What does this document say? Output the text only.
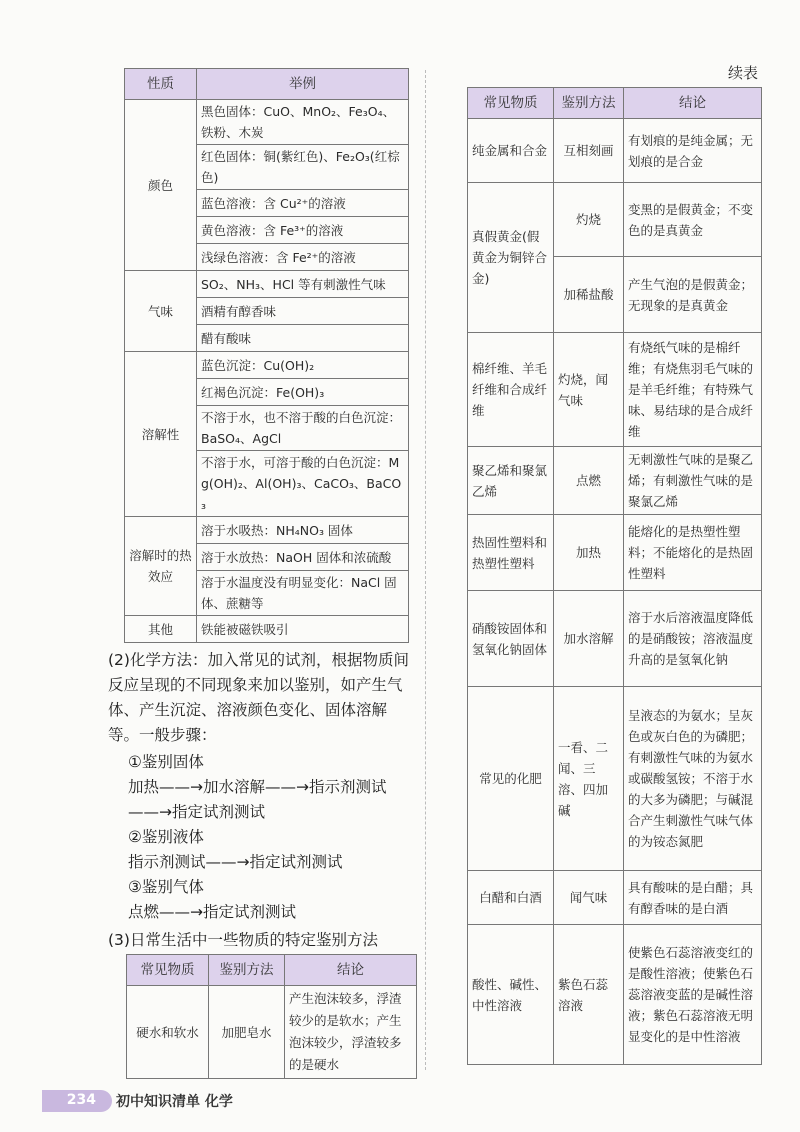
续表
性质	举例
颜色	黑色固体：CuO、MnO₂、Fe₃O₄、铁粉、木炭
	红色固体：铜(紫红色)、Fe₂O₃(红棕色)
	蓝色溶液：含 Cu²⁺的溶液
	黄色溶液：含 Fe³⁺的溶液
	浅绿色溶液：含 Fe²⁺的溶液
气味	SO₂、NH₃、HCl 等有刺激性气味
	酒精有醇香味
	醋有酸味
溶解性	蓝色沉淀：Cu(OH)₂
	红褐色沉淀：Fe(OH)₃
	不溶于水，也不溶于酸的白色沉淀：BaSO₄、AgCl
	不溶于水，可溶于酸的白色沉淀：Mg(OH)₂、Al(OH)₃、CaCO₃、BaCO₃
溶解时的热效应	溶于水吸热：NH₄NO₃ 固体
	溶于水放热：NaOH 固体和浓硫酸
	溶于水温度没有明显变化：NaCl 固体、蔗糖等
其他	铁能被磁铁吸引
(2)化学方法：加入常见的试剂，根据物质间反应呈现的不同现象来加以鉴别，如产生气体、产生沉淀、溶液颜色变化、固体溶解等。一般步骤：
①鉴别固体
加热——→加水溶解——→指示剂测试——→指定试剂测试
②鉴别液体
指示剂测试——→指定试剂测试
③鉴别气体
点燃——→指定试剂测试
(3)日常生活中一些物质的特定鉴别方法
常见物质	鉴别方法	结论
硬水和软水	加肥皂水	产生泡沫较多，浮渣较少的是软水；产生泡沫较少，浮渣较多的是硬水
常见物质	鉴别方法	结论
纯金属和合金	互相刻画	有划痕的是纯金属；无划痕的是合金
真假黄金(假黄金为铜锌合金)	灼烧	变黑的是假黄金；不变色的是真黄金
	加稀盐酸	产生气泡的是假黄金；无现象的是真黄金
棉纤维、羊毛纤维和合成纤维	灼烧，闻气味	有烧纸气味的是棉纤维；有烧焦羽毛气味的是羊毛纤维；有特殊气味、易结球的是合成纤维
聚乙烯和聚氯乙烯	点燃	无刺激性气味的是聚乙烯；有刺激性气味的是聚氯乙烯
热固性塑料和热塑性塑料	加热	能熔化的是热塑性塑料；不能熔化的是热固性塑料
硝酸铵固体和氢氧化钠固体	加水溶解	溶于水后溶液温度降低的是硝酸铵；溶液温度升高的是氢氧化钠
常见的化肥	一看、二闻、三溶、四加碱	呈液态的为氨水；呈灰色或灰白色的为磷肥；有刺激性气味的为氨水或碳酸氢铵；不溶于水的大多为磷肥；与碱混合产生刺激性气味气体的为铵态氮肥
白醋和白酒	闻气味	具有酸味的是白醋；具有醇香味的是白酒
酸性、碱性、中性溶液	紫色石蕊溶液	使紫色石蕊溶液变红的是酸性溶液；使紫色石蕊溶液变蓝的是碱性溶液；紫色石蕊溶液无明显变化的是中性溶液
234 初中知识清单 化学
